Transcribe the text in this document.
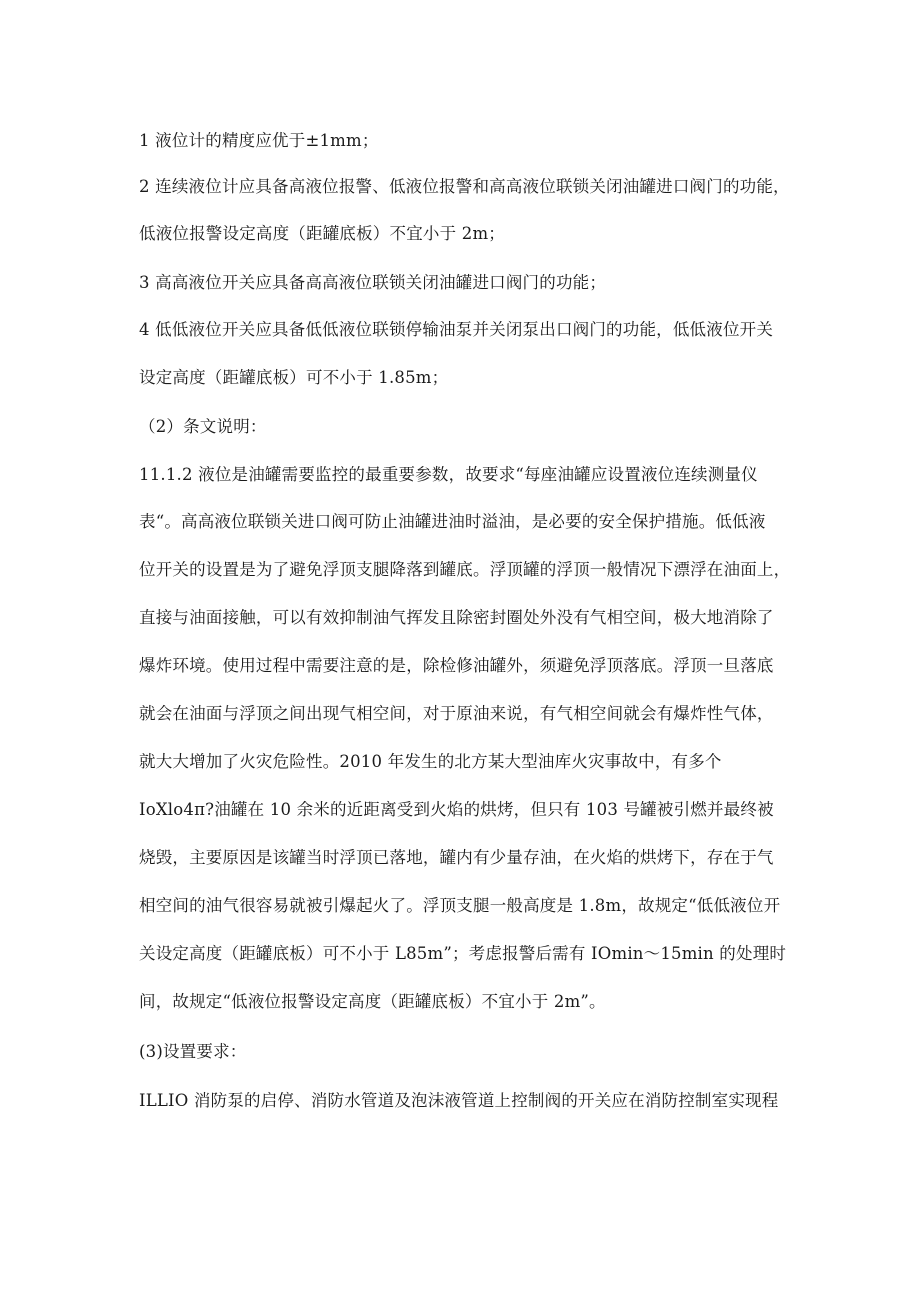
1 液位计的精度应优于±1mm；
2 连续液位计应具备高液位报警、低液位报警和高高液位联锁关闭油罐进口阀门的功能，
低液位报警设定高度（距罐底板）不宜小于 2m；
3 高高液位开关应具备高高液位联锁关闭油罐进口阀门的功能；
4 低低液位开关应具备低低液位联锁停输油泵并关闭泵出口阀门的功能，低低液位开关
设定高度（距罐底板）可不小于 1.85m；
（2）条文说明：
11.1.2 液位是油罐需要监控的最重要参数，故要求“每座油罐应设置液位连续测量仪
表“。高高液位联锁关进口阀可防止油罐进油时溢油，是必要的安全保护措施。低低液
位开关的设置是为了避免浮顶支腿降落到罐底。浮顶罐的浮顶一般情况下漂浮在油面上，
直接与油面接触，可以有效抑制油气挥发且除密封圈处外没有气相空间，极大地消除了
爆炸环境。使用过程中需要注意的是，除检修油罐外，须避免浮顶落底。浮顶一旦落底
就会在油面与浮顶之间出现气相空间，对于原油来说，有气相空间就会有爆炸性气体，
就大大增加了火灾危险性。2010 年发生的北方某大型油库火灾事故中，有多个
IoXlo4π?油罐在 10 余米的近距离受到火焰的烘烤，但只有 103 号罐被引燃并最终被
烧毁，主要原因是该罐当时浮顶已落地，罐内有少量存油，在火焰的烘烤下，存在于气
相空间的油气很容易就被引爆起火了。浮顶支腿一般高度是 1.8m，故规定“低低液位开
关设定高度（距罐底板）可不小于 L85m”；考虑报警后需有 IOmin～15min 的处理时
间，故规定“低液位报警设定高度（距罐底板）不宜小于 2m”。
(3)设置要求：
ILLIO 消防泵的启停、消防水管道及泡沫液管道上控制阀的开关应在消防控制室实现程
